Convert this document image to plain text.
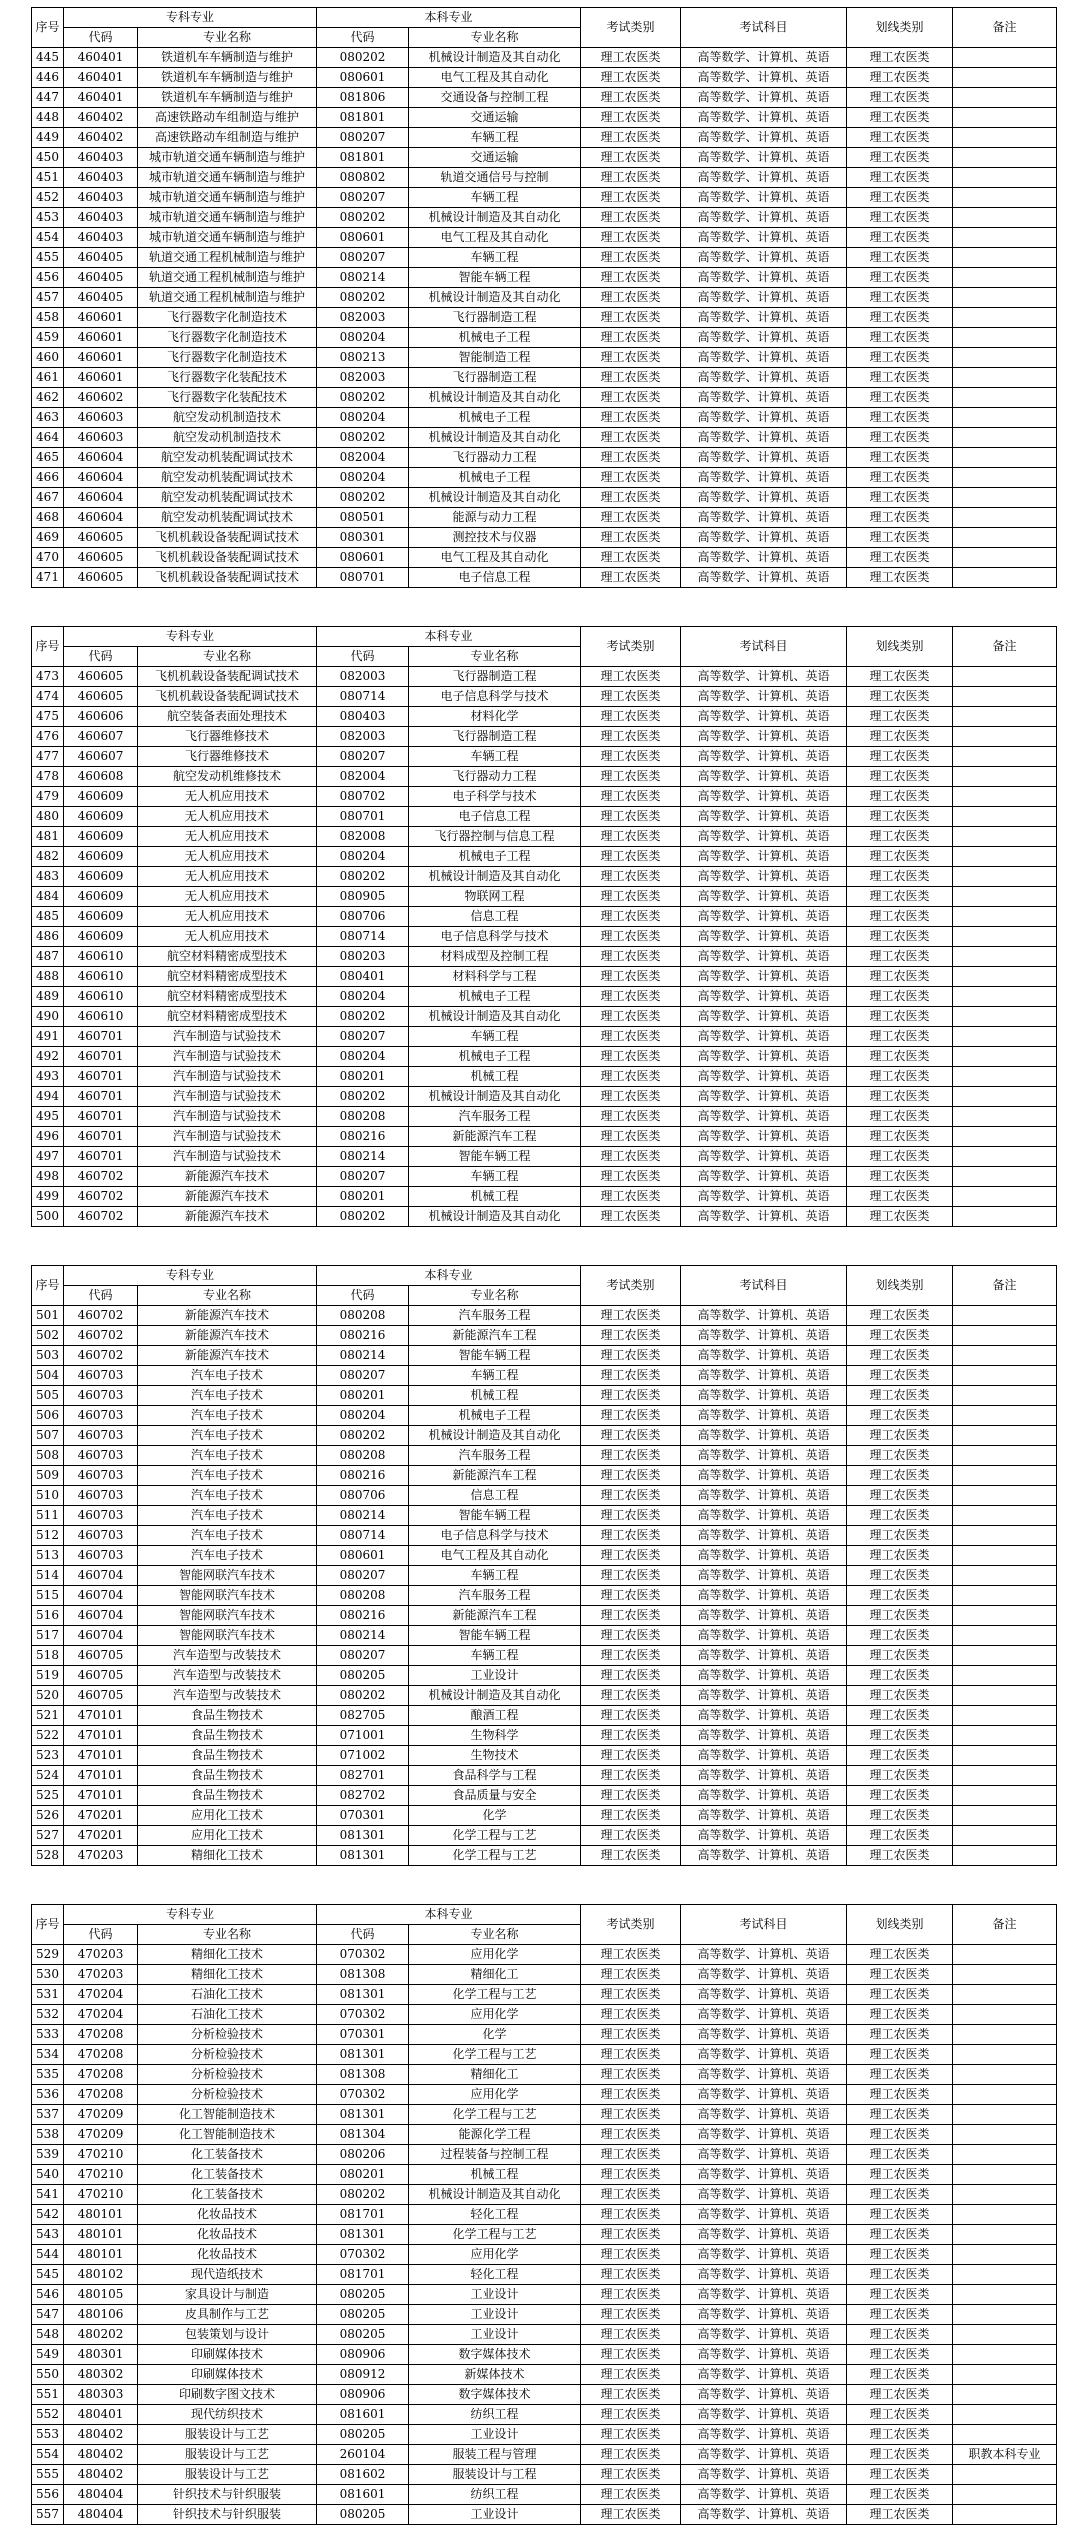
序号	专科专业		本科专业		考试类别	考试科目	划线类别	备注
	代码	专业名称	代码	专业名称				
445	460401	铁道机车车辆制造与维护	080202	机械设计制造及其自动化	理工农医类	高等数学、计算机、英语	理工农医类	
446	460401	铁道机车车辆制造与维护	080601	电气工程及其自动化	理工农医类	高等数学、计算机、英语	理工农医类	
447	460401	铁道机车车辆制造与维护	081806	交通设备与控制工程	理工农医类	高等数学、计算机、英语	理工农医类	
448	460402	高速铁路动车组制造与维护	081801	交通运输	理工农医类	高等数学、计算机、英语	理工农医类	
449	460402	高速铁路动车组制造与维护	080207	车辆工程	理工农医类	高等数学、计算机、英语	理工农医类	
450	460403	城市轨道交通车辆制造与维护	081801	交通运输	理工农医类	高等数学、计算机、英语	理工农医类	
451	460403	城市轨道交通车辆制造与维护	080802	轨道交通信号与控制	理工农医类	高等数学、计算机、英语	理工农医类	
452	460403	城市轨道交通车辆制造与维护	080207	车辆工程	理工农医类	高等数学、计算机、英语	理工农医类	
453	460403	城市轨道交通车辆制造与维护	080202	机械设计制造及其自动化	理工农医类	高等数学、计算机、英语	理工农医类	
454	460403	城市轨道交通车辆制造与维护	080601	电气工程及其自动化	理工农医类	高等数学、计算机、英语	理工农医类	
455	460405	轨道交通工程机械制造与维护	080207	车辆工程	理工农医类	高等数学、计算机、英语	理工农医类	
456	460405	轨道交通工程机械制造与维护	080214	智能车辆工程	理工农医类	高等数学、计算机、英语	理工农医类	
457	460405	轨道交通工程机械制造与维护	080202	机械设计制造及其自动化	理工农医类	高等数学、计算机、英语	理工农医类	
458	460601	飞行器数字化制造技术	082003	飞行器制造工程	理工农医类	高等数学、计算机、英语	理工农医类	
459	460601	飞行器数字化制造技术	080204	机械电子工程	理工农医类	高等数学、计算机、英语	理工农医类	
460	460601	飞行器数字化制造技术	080213	智能制造工程	理工农医类	高等数学、计算机、英语	理工农医类	
461	460601	飞行器数字化装配技术	082003	飞行器制造工程	理工农医类	高等数学、计算机、英语	理工农医类	
462	460602	飞行器数字化装配技术	080202	机械设计制造及其自动化	理工农医类	高等数学、计算机、英语	理工农医类	
463	460603	航空发动机制造技术	080204	机械电子工程	理工农医类	高等数学、计算机、英语	理工农医类	
464	460603	航空发动机制造技术	080202	机械设计制造及其自动化	理工农医类	高等数学、计算机、英语	理工农医类	
465	460604	航空发动机装配调试技术	082004	飞行器动力工程	理工农医类	高等数学、计算机、英语	理工农医类	
466	460604	航空发动机装配调试技术	080204	机械电子工程	理工农医类	高等数学、计算机、英语	理工农医类	
467	460604	航空发动机装配调试技术	080202	机械设计制造及其自动化	理工农医类	高等数学、计算机、英语	理工农医类	
468	460604	航空发动机装配调试技术	080501	能源与动力工程	理工农医类	高等数学、计算机、英语	理工农医类	
469	460605	飞机机载设备装配调试技术	080301	测控技术与仪器	理工农医类	高等数学、计算机、英语	理工农医类	
470	460605	飞机机载设备装配调试技术	080601	电气工程及其自动化	理工农医类	高等数学、计算机、英语	理工农医类	
471	460605	飞机机载设备装配调试技术	080701	电子信息工程	理工农医类	高等数学、计算机、英语	理工农医类	
序号	专科专业		本科专业		考试类别	考试科目	划线类别	备注
	代码	专业名称	代码	专业名称				
473	460605	飞机机载设备装配调试技术	082003	飞行器制造工程	理工农医类	高等数学、计算机、英语	理工农医类	
474	460605	飞机机载设备装配调试技术	080714	电子信息科学与技术	理工农医类	高等数学、计算机、英语	理工农医类	
475	460606	航空装备表面处理技术	080403	材料化学	理工农医类	高等数学、计算机、英语	理工农医类	
476	460607	飞行器维修技术	082003	飞行器制造工程	理工农医类	高等数学、计算机、英语	理工农医类	
477	460607	飞行器维修技术	080207	车辆工程	理工农医类	高等数学、计算机、英语	理工农医类	
478	460608	航空发动机维修技术	082004	飞行器动力工程	理工农医类	高等数学、计算机、英语	理工农医类	
479	460609	无人机应用技术	080702	电子科学与技术	理工农医类	高等数学、计算机、英语	理工农医类	
480	460609	无人机应用技术	080701	电子信息工程	理工农医类	高等数学、计算机、英语	理工农医类	
481	460609	无人机应用技术	082008	飞行器控制与信息工程	理工农医类	高等数学、计算机、英语	理工农医类	
482	460609	无人机应用技术	080204	机械电子工程	理工农医类	高等数学、计算机、英语	理工农医类	
483	460609	无人机应用技术	080202	机械设计制造及其自动化	理工农医类	高等数学、计算机、英语	理工农医类	
484	460609	无人机应用技术	080905	物联网工程	理工农医类	高等数学、计算机、英语	理工农医类	
485	460609	无人机应用技术	080706	信息工程	理工农医类	高等数学、计算机、英语	理工农医类	
486	460609	无人机应用技术	080714	电子信息科学与技术	理工农医类	高等数学、计算机、英语	理工农医类	
487	460610	航空材料精密成型技术	080203	材料成型及控制工程	理工农医类	高等数学、计算机、英语	理工农医类	
488	460610	航空材料精密成型技术	080401	材料科学与工程	理工农医类	高等数学、计算机、英语	理工农医类	
489	460610	航空材料精密成型技术	080204	机械电子工程	理工农医类	高等数学、计算机、英语	理工农医类	
490	460610	航空材料精密成型技术	080202	机械设计制造及其自动化	理工农医类	高等数学、计算机、英语	理工农医类	
491	460701	汽车制造与试验技术	080207	车辆工程	理工农医类	高等数学、计算机、英语	理工农医类	
492	460701	汽车制造与试验技术	080204	机械电子工程	理工农医类	高等数学、计算机、英语	理工农医类	
493	460701	汽车制造与试验技术	080201	机械工程	理工农医类	高等数学、计算机、英语	理工农医类	
494	460701	汽车制造与试验技术	080202	机械设计制造及其自动化	理工农医类	高等数学、计算机、英语	理工农医类	
495	460701	汽车制造与试验技术	080208	汽车服务工程	理工农医类	高等数学、计算机、英语	理工农医类	
496	460701	汽车制造与试验技术	080216	新能源汽车工程	理工农医类	高等数学、计算机、英语	理工农医类	
497	460701	汽车制造与试验技术	080214	智能车辆工程	理工农医类	高等数学、计算机、英语	理工农医类	
498	460702	新能源汽车技术	080207	车辆工程	理工农医类	高等数学、计算机、英语	理工农医类	
499	460702	新能源汽车技术	080201	机械工程	理工农医类	高等数学、计算机、英语	理工农医类	
500	460702	新能源汽车技术	080202	机械设计制造及其自动化	理工农医类	高等数学、计算机、英语	理工农医类	
序号	专科专业		本科专业		考试类别	考试科目	划线类别	备注
	代码	专业名称	代码	专业名称				
501	460702	新能源汽车技术	080208	汽车服务工程	理工农医类	高等数学、计算机、英语	理工农医类	
502	460702	新能源汽车技术	080216	新能源汽车工程	理工农医类	高等数学、计算机、英语	理工农医类	
503	460702	新能源汽车技术	080214	智能车辆工程	理工农医类	高等数学、计算机、英语	理工农医类	
504	460703	汽车电子技术	080207	车辆工程	理工农医类	高等数学、计算机、英语	理工农医类	
505	460703	汽车电子技术	080201	机械工程	理工农医类	高等数学、计算机、英语	理工农医类	
506	460703	汽车电子技术	080204	机械电子工程	理工农医类	高等数学、计算机、英语	理工农医类	
507	460703	汽车电子技术	080202	机械设计制造及其自动化	理工农医类	高等数学、计算机、英语	理工农医类	
508	460703	汽车电子技术	080208	汽车服务工程	理工农医类	高等数学、计算机、英语	理工农医类	
509	460703	汽车电子技术	080216	新能源汽车工程	理工农医类	高等数学、计算机、英语	理工农医类	
510	460703	汽车电子技术	080706	信息工程	理工农医类	高等数学、计算机、英语	理工农医类	
511	460703	汽车电子技术	080214	智能车辆工程	理工农医类	高等数学、计算机、英语	理工农医类	
512	460703	汽车电子技术	080714	电子信息科学与技术	理工农医类	高等数学、计算机、英语	理工农医类	
513	460703	汽车电子技术	080601	电气工程及其自动化	理工农医类	高等数学、计算机、英语	理工农医类	
514	460704	智能网联汽车技术	080207	车辆工程	理工农医类	高等数学、计算机、英语	理工农医类	
515	460704	智能网联汽车技术	080208	汽车服务工程	理工农医类	高等数学、计算机、英语	理工农医类	
516	460704	智能网联汽车技术	080216	新能源汽车工程	理工农医类	高等数学、计算机、英语	理工农医类	
517	460704	智能网联汽车技术	080214	智能车辆工程	理工农医类	高等数学、计算机、英语	理工农医类	
518	460705	汽车造型与改装技术	080207	车辆工程	理工农医类	高等数学、计算机、英语	理工农医类	
519	460705	汽车造型与改装技术	080205	工业设计	理工农医类	高等数学、计算机、英语	理工农医类	
520	460705	汽车造型与改装技术	080202	机械设计制造及其自动化	理工农医类	高等数学、计算机、英语	理工农医类	
521	470101	食品生物技术	082705	酿酒工程	理工农医类	高等数学、计算机、英语	理工农医类	
522	470101	食品生物技术	071001	生物科学	理工农医类	高等数学、计算机、英语	理工农医类	
523	470101	食品生物技术	071002	生物技术	理工农医类	高等数学、计算机、英语	理工农医类	
524	470101	食品生物技术	082701	食品科学与工程	理工农医类	高等数学、计算机、英语	理工农医类	
525	470101	食品生物技术	082702	食品质量与安全	理工农医类	高等数学、计算机、英语	理工农医类	
526	470201	应用化工技术	070301	化学	理工农医类	高等数学、计算机、英语	理工农医类	
527	470201	应用化工技术	081301	化学工程与工艺	理工农医类	高等数学、计算机、英语	理工农医类	
528	470203	精细化工技术	081301	化学工程与工艺	理工农医类	高等数学、计算机、英语	理工农医类	
序号	专科专业		本科专业		考试类别	考试科目	划线类别	备注
	代码	专业名称	代码	专业名称				
529	470203	精细化工技术	070302	应用化学	理工农医类	高等数学、计算机、英语	理工农医类	
530	470203	精细化工技术	081308	精细化工	理工农医类	高等数学、计算机、英语	理工农医类	
531	470204	石油化工技术	081301	化学工程与工艺	理工农医类	高等数学、计算机、英语	理工农医类	
532	470204	石油化工技术	070302	应用化学	理工农医类	高等数学、计算机、英语	理工农医类	
533	470208	分析检验技术	070301	化学	理工农医类	高等数学、计算机、英语	理工农医类	
534	470208	分析检验技术	081301	化学工程与工艺	理工农医类	高等数学、计算机、英语	理工农医类	
535	470208	分析检验技术	081308	精细化工	理工农医类	高等数学、计算机、英语	理工农医类	
536	470208	分析检验技术	070302	应用化学	理工农医类	高等数学、计算机、英语	理工农医类	
537	470209	化工智能制造技术	081301	化学工程与工艺	理工农医类	高等数学、计算机、英语	理工农医类	
538	470209	化工智能制造技术	081304	能源化学工程	理工农医类	高等数学、计算机、英语	理工农医类	
539	470210	化工装备技术	080206	过程装备与控制工程	理工农医类	高等数学、计算机、英语	理工农医类	
540	470210	化工装备技术	080201	机械工程	理工农医类	高等数学、计算机、英语	理工农医类	
541	470210	化工装备技术	080202	机械设计制造及其自动化	理工农医类	高等数学、计算机、英语	理工农医类	
542	480101	化妆品技术	081701	轻化工程	理工农医类	高等数学、计算机、英语	理工农医类	
543	480101	化妆品技术	081301	化学工程与工艺	理工农医类	高等数学、计算机、英语	理工农医类	
544	480101	化妆品技术	070302	应用化学	理工农医类	高等数学、计算机、英语	理工农医类	
545	480102	现代造纸技术	081701	轻化工程	理工农医类	高等数学、计算机、英语	理工农医类	
546	480105	家具设计与制造	080205	工业设计	理工农医类	高等数学、计算机、英语	理工农医类	
547	480106	皮具制作与工艺	080205	工业设计	理工农医类	高等数学、计算机、英语	理工农医类	
548	480202	包装策划与设计	080205	工业设计	理工农医类	高等数学、计算机、英语	理工农医类	
549	480301	印刷媒体技术	080906	数字媒体技术	理工农医类	高等数学、计算机、英语	理工农医类	
550	480302	印刷媒体技术	080912	新媒体技术	理工农医类	高等数学、计算机、英语	理工农医类	
551	480303	印刷数字图文技术	080906	数字媒体技术	理工农医类	高等数学、计算机、英语	理工农医类	
552	480401	现代纺织技术	081601	纺织工程	理工农医类	高等数学、计算机、英语	理工农医类	
553	480402	服装设计与工艺	080205	工业设计	理工农医类	高等数学、计算机、英语	理工农医类	
554	480402	服装设计与工艺	260104	服装工程与管理	理工农医类	高等数学、计算机、英语	理工农医类	职教本科专业
555	480402	服装设计与工艺	081602	服装设计与工程	理工农医类	高等数学、计算机、英语	理工农医类	
556	480404	针织技术与针织服装	081601	纺织工程	理工农医类	高等数学、计算机、英语	理工农医类	
557	480404	针织技术与针织服装	080205	工业设计	理工农医类	高等数学、计算机、英语	理工农医类	
